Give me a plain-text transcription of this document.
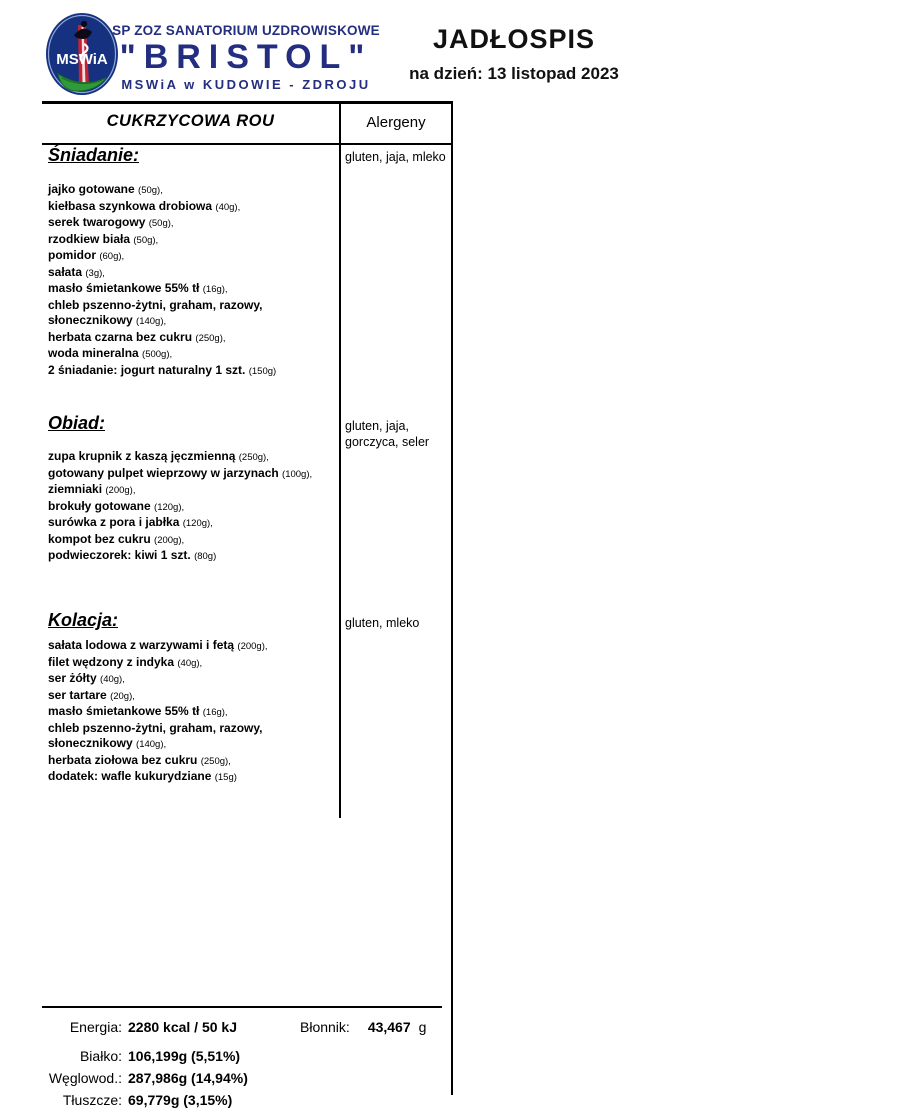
MSWiA
SP ZOZ SANATORIUM UZDROWISKOWE
"BRISTOL"
MSWiA w KUDOWIE - ZDROJU
JADŁOSPIS
na dzień: 13 listopad 2023
CUKRZYCOWA ROU	Alergeny
Śniadanie:	gluten, jaja, mleko
jajko gotowane (50g),
kiełbasa szynkowa drobiowa (40g),
serek twarogowy (50g),
rzodkiew biała (50g),
pomidor (60g),
sałata (3g),
masło śmietankowe 55% tł (16g),
chleb pszenno-żytni, graham, razowy, słonecznikowy (140g),
herbata czarna bez cukru (250g),
woda mineralna (500g),
2 śniadanie: jogurt naturalny 1 szt. (150g)
Obiad:	gluten, jaja, gorczyca, seler
zupa krupnik z kaszą jęczmienną (250g),
gotowany pulpet wieprzowy w jarzynach (100g),
ziemniaki (200g),
brokuły gotowane (120g),
surówka z pora i jabłka (120g),
kompot bez cukru (200g),
podwieczorek: kiwi 1 szt. (80g)
Kolacja:	gluten, mleko
sałata lodowa z warzywami i fetą (200g),
filet wędzony z indyka (40g),
ser żółty (40g),
ser tartare (20g),
masło śmietankowe 55% tł (16g),
chleb pszenno-żytni, graham, razowy, słonecznikowy (140g),
herbata ziołowa bez cukru (250g),
dodatek: wafle kukurydziane (15g)
Energia: 2280 kcal / 50 kJ	Błonnik: 43,467 g
Białko: 106,199g (5,51%)
Węglowod.: 287,986g (14,94%)
Tłuszcze: 69,779g (3,15%)
